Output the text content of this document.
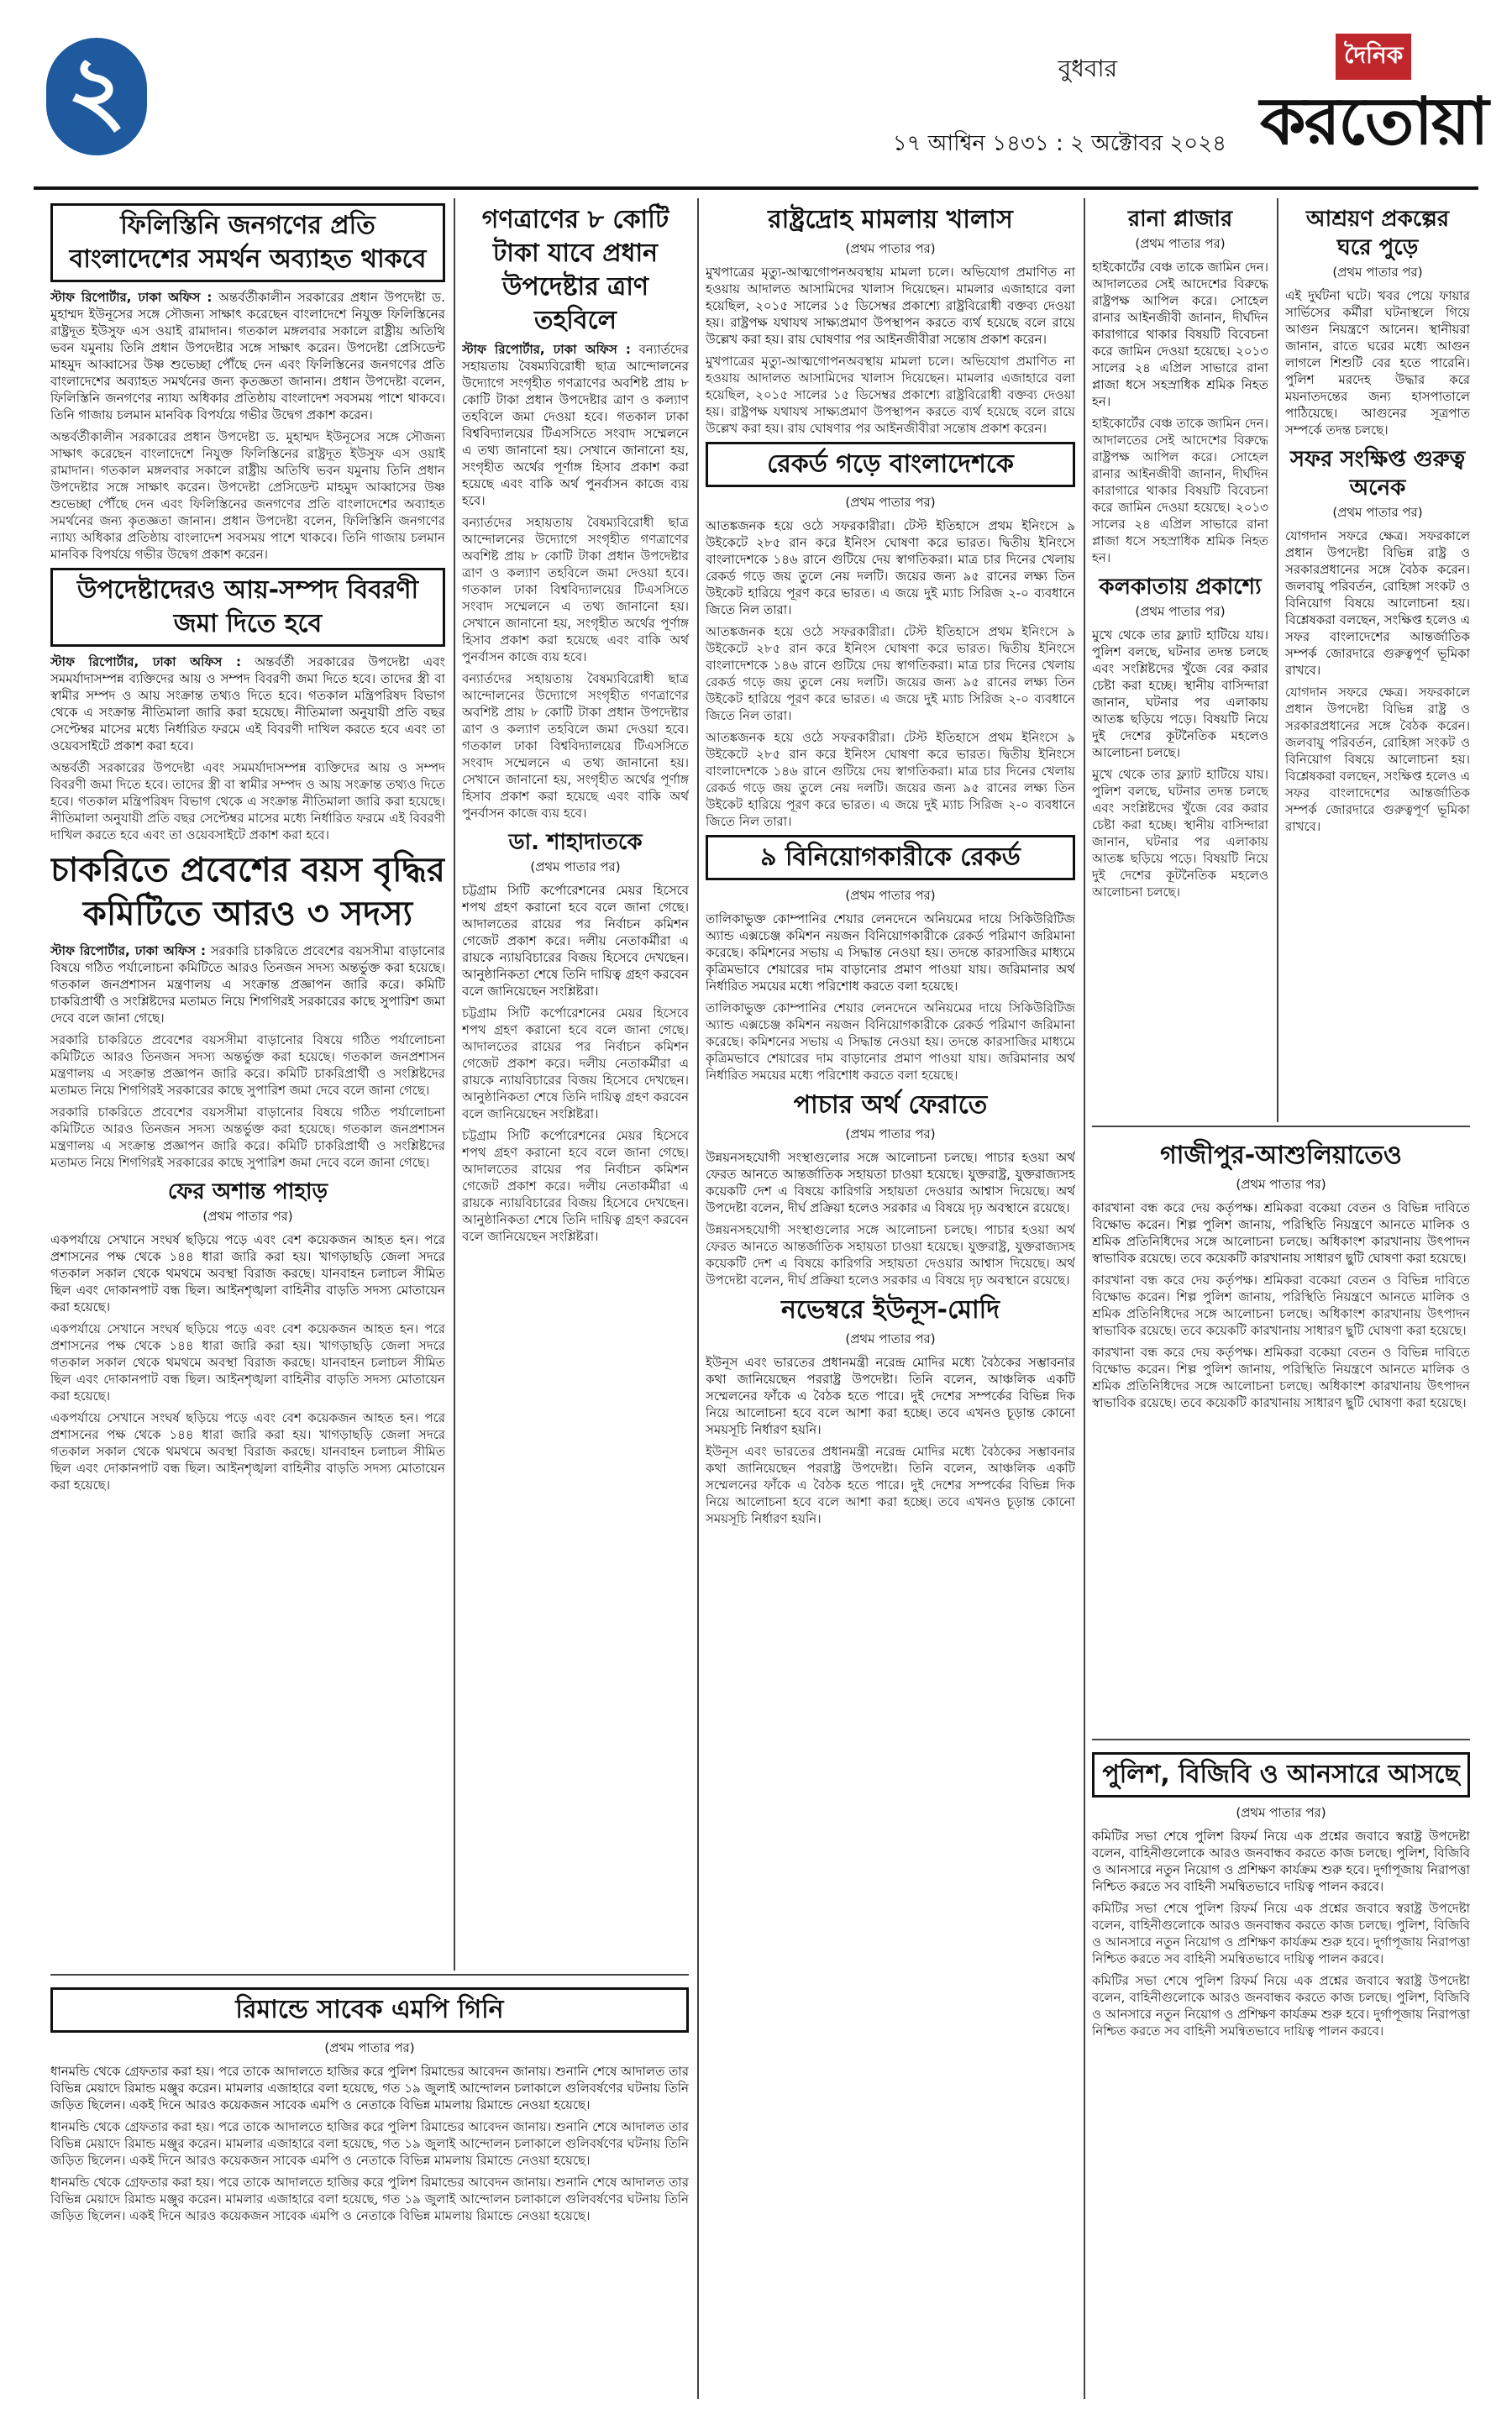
২	বুধবার
১৭ আশ্বিন ১৪৩১ : ২ অক্টোবর ২০২৪
দৈনিক
করতোয়া
ফিলিস্তিনি জনগণের প্রতি বাংলাদেশের সমর্থন অব্যাহত থাকবে

স্টাফ রিপোর্টার, ঢাকা অফিস : অন্তর্বর্তীকালীন সরকারের প্রধান উপদেষ্টা ড. মুহাম্মদ ইউনূসের সঙ্গে সৌজন্য সাক্ষাৎ করেছেন বাংলাদেশে নিযুক্ত ফিলিস্তিনের রাষ্ট্রদূত ইউসুফ এস ওয়াই রামাদান। গতকাল মঙ্গলবার সকালে রাষ্ট্রীয় অতিথি ভবন যমুনায় তিনি প্রধান উপদেষ্টার সঙ্গে সাক্ষাৎ করেন। উপদেষ্টা প্রেসিডেন্ট মাহমুদ আব্বাসের উষ্ণ শুভেচ্ছা পৌঁছে দেন এবং ফিলিস্তিনের জনগণের প্রতি বাংলাদেশের অব্যাহত সমর্থনের জন্য কৃতজ্ঞতা জানান। প্রধান উপদেষ্টা বলেন, ফিলিস্তিনি জনগণের ন্যায্য অধিকার প্রতিষ্ঠায় বাংলাদেশ সবসময় পাশে থাকবে। তিনি গাজায় চলমান মানবিক বিপর্যয়ে গভীর উদ্বেগ প্রকাশ করেন।

অন্তর্বর্তীকালীন সরকারের প্রধান উপদেষ্টা ড. মুহাম্মদ ইউনূসের সঙ্গে সৌজন্য সাক্ষাৎ করেছেন বাংলাদেশে নিযুক্ত ফিলিস্তিনের রাষ্ট্রদূত ইউসুফ এস ওয়াই রামাদান। গতকাল মঙ্গলবার সকালে রাষ্ট্রীয় অতিথি ভবন যমুনায় তিনি প্রধান উপদেষ্টার সঙ্গে সাক্ষাৎ করেন। উপদেষ্টা প্রেসিডেন্ট মাহমুদ আব্বাসের উষ্ণ শুভেচ্ছা পৌঁছে দেন এবং ফিলিস্তিনের জনগণের প্রতি বাংলাদেশের অব্যাহত সমর্থনের জন্য কৃতজ্ঞতা জানান। প্রধান উপদেষ্টা বলেন, ফিলিস্তিনি জনগণের ন্যায্য অধিকার প্রতিষ্ঠায় বাংলাদেশ সবসময় পাশে থাকবে। তিনি গাজায় চলমান মানবিক বিপর্যয়ে গভীর উদ্বেগ প্রকাশ করেন।

উপদেষ্টাদেরও আয়-সম্পদ বিবরণী জমা দিতে হবে

স্টাফ রিপোর্টার, ঢাকা অফিস : অন্তর্বর্তী সরকারের উপদেষ্টা এবং সমমর্যাদাসম্পন্ন ব্যক্তিদের আয় ও সম্পদ বিবরণী জমা দিতে হবে। তাদের স্ত্রী বা স্বামীর সম্পদ ও আয় সংক্রান্ত তথ্যও দিতে হবে। গতকাল মন্ত্রিপরিষদ বিভাগ থেকে এ সংক্রান্ত নীতিমালা জারি করা হয়েছে। নীতিমালা অনুযায়ী প্রতি বছর সেপ্টেম্বর মাসের মধ্যে নির্ধারিত ফরমে এই বিবরণী দাখিল করতে হবে এবং তা ওয়েবসাইটে প্রকাশ করা হবে।

অন্তর্বর্তী সরকারের উপদেষ্টা এবং সমমর্যাদাসম্পন্ন ব্যক্তিদের আয় ও সম্পদ বিবরণী জমা দিতে হবে। তাদের স্ত্রী বা স্বামীর সম্পদ ও আয় সংক্রান্ত তথ্যও দিতে হবে। গতকাল মন্ত্রিপরিষদ বিভাগ থেকে এ সংক্রান্ত নীতিমালা জারি করা হয়েছে। নীতিমালা অনুযায়ী প্রতি বছর সেপ্টেম্বর মাসের মধ্যে নির্ধারিত ফরমে এই বিবরণী দাখিল করতে হবে এবং তা ওয়েবসাইটে প্রকাশ করা হবে।

চাকরিতে প্রবেশের বয়স বৃদ্ধির কমিটিতে আরও ৩ সদস্য

স্টাফ রিপোর্টার, ঢাকা অফিস : সরকারি চাকরিতে প্রবেশের বয়সসীমা বাড়ানোর বিষয়ে গঠিত পর্যালোচনা কমিটিতে আরও তিনজন সদস্য অন্তর্ভুক্ত করা হয়েছে। গতকাল জনপ্রশাসন মন্ত্রণালয় এ সংক্রান্ত প্রজ্ঞাপন জারি করে। কমিটি চাকরিপ্রার্থী ও সংশ্লিষ্টদের মতামত নিয়ে শিগগিরই সরকারের কাছে সুপারিশ জমা দেবে বলে জানা গেছে।

সরকারি চাকরিতে প্রবেশের বয়সসীমা বাড়ানোর বিষয়ে গঠিত পর্যালোচনা কমিটিতে আরও তিনজন সদস্য অন্তর্ভুক্ত করা হয়েছে। গতকাল জনপ্রশাসন মন্ত্রণালয় এ সংক্রান্ত প্রজ্ঞাপন জারি করে। কমিটি চাকরিপ্রার্থী ও সংশ্লিষ্টদের মতামত নিয়ে শিগগিরই সরকারের কাছে সুপারিশ জমা দেবে বলে জানা গেছে।

সরকারি চাকরিতে প্রবেশের বয়সসীমা বাড়ানোর বিষয়ে গঠিত পর্যালোচনা কমিটিতে আরও তিনজন সদস্য অন্তর্ভুক্ত করা হয়েছে। গতকাল জনপ্রশাসন মন্ত্রণালয় এ সংক্রান্ত প্রজ্ঞাপন জারি করে। কমিটি চাকরিপ্রার্থী ও সংশ্লিষ্টদের মতামত নিয়ে শিগগিরই সরকারের কাছে সুপারিশ জমা দেবে বলে জানা গেছে।

ফের অশান্ত পাহাড়
(প্রথম পাতার পর)

একপর্যায়ে সেখানে সংঘর্ষ ছড়িয়ে পড়ে এবং বেশ কয়েকজন আহত হন। পরে প্রশাসনের পক্ষ থেকে ১৪৪ ধারা জারি করা হয়। খাগড়াছড়ি জেলা সদরে গতকাল সকাল থেকে থমথমে অবস্থা বিরাজ করছে। যানবাহন চলাচল সীমিত ছিল এবং দোকানপাট বন্ধ ছিল। আইনশৃঙ্খলা বাহিনীর বাড়তি সদস্য মোতায়েন করা হয়েছে।

একপর্যায়ে সেখানে সংঘর্ষ ছড়িয়ে পড়ে এবং বেশ কয়েকজন আহত হন। পরে প্রশাসনের পক্ষ থেকে ১৪৪ ধারা জারি করা হয়। খাগড়াছড়ি জেলা সদরে গতকাল সকাল থেকে থমথমে অবস্থা বিরাজ করছে। যানবাহন চলাচল সীমিত ছিল এবং দোকানপাট বন্ধ ছিল। আইনশৃঙ্খলা বাহিনীর বাড়তি সদস্য মোতায়েন করা হয়েছে।

একপর্যায়ে সেখানে সংঘর্ষ ছড়িয়ে পড়ে এবং বেশ কয়েকজন আহত হন। পরে প্রশাসনের পক্ষ থেকে ১৪৪ ধারা জারি করা হয়। খাগড়াছড়ি জেলা সদরে গতকাল সকাল থেকে থমথমে অবস্থা বিরাজ করছে। যানবাহন চলাচল সীমিত ছিল এবং দোকানপাট বন্ধ ছিল। আইনশৃঙ্খলা বাহিনীর বাড়তি সদস্য মোতায়েন করা হয়েছে।

গণত্রাণের ৮ কোটি টাকা যাবে প্রধান উপদেষ্টার ত্রাণ তহবিলে

স্টাফ রিপোর্টার, ঢাকা অফিস : বন্যার্তদের সহায়তায় বৈষম্যবিরোধী ছাত্র আন্দোলনের উদ্যোগে সংগৃহীত গণত্রাণের অবশিষ্ট প্রায় ৮ কোটি টাকা প্রধান উপদেষ্টার ত্রাণ ও কল্যাণ তহবিলে জমা দেওয়া হবে। গতকাল ঢাকা বিশ্ববিদ্যালয়ের টিএসসিতে সংবাদ সম্মেলনে এ তথ্য জানানো হয়। সেখানে জানানো হয়, সংগৃহীত অর্থের পূর্ণাঙ্গ হিসাব প্রকাশ করা হয়েছে এবং বাকি অর্থ পুনর্বাসন কাজে ব্যয় হবে।

বন্যার্তদের সহায়তায় বৈষম্যবিরোধী ছাত্র আন্দোলনের উদ্যোগে সংগৃহীত গণত্রাণের অবশিষ্ট প্রায় ৮ কোটি টাকা প্রধান উপদেষ্টার ত্রাণ ও কল্যাণ তহবিলে জমা দেওয়া হবে। গতকাল ঢাকা বিশ্ববিদ্যালয়ের টিএসসিতে সংবাদ সম্মেলনে এ তথ্য জানানো হয়। সেখানে জানানো হয়, সংগৃহীত অর্থের পূর্ণাঙ্গ হিসাব প্রকাশ করা হয়েছে এবং বাকি অর্থ পুনর্বাসন কাজে ব্যয় হবে।

বন্যার্তদের সহায়তায় বৈষম্যবিরোধী ছাত্র আন্দোলনের উদ্যোগে সংগৃহীত গণত্রাণের অবশিষ্ট প্রায় ৮ কোটি টাকা প্রধান উপদেষ্টার ত্রাণ ও কল্যাণ তহবিলে জমা দেওয়া হবে। গতকাল ঢাকা বিশ্ববিদ্যালয়ের টিএসসিতে সংবাদ সম্মেলনে এ তথ্য জানানো হয়। সেখানে জানানো হয়, সংগৃহীত অর্থের পূর্ণাঙ্গ হিসাব প্রকাশ করা হয়েছে এবং বাকি অর্থ পুনর্বাসন কাজে ব্যয় হবে।

ডা. শাহাদাতকে
(প্রথম পাতার পর)

চট্টগ্রাম সিটি কর্পোরেশনের মেয়র হিসেবে শপথ গ্রহণ করানো হবে বলে জানা গেছে। আদালতের রায়ের পর নির্বাচন কমিশন গেজেট প্রকাশ করে। দলীয় নেতাকর্মীরা এ রায়কে ন্যায়বিচারের বিজয় হিসেবে দেখছেন। আনুষ্ঠানিকতা শেষে তিনি দায়িত্ব গ্রহণ করবেন বলে জানিয়েছেন সংশ্লিষ্টরা।

চট্টগ্রাম সিটি কর্পোরেশনের মেয়র হিসেবে শপথ গ্রহণ করানো হবে বলে জানা গেছে। আদালতের রায়ের পর নির্বাচন কমিশন গেজেট প্রকাশ করে। দলীয় নেতাকর্মীরা এ রায়কে ন্যায়বিচারের বিজয় হিসেবে দেখছেন। আনুষ্ঠানিকতা শেষে তিনি দায়িত্ব গ্রহণ করবেন বলে জানিয়েছেন সংশ্লিষ্টরা।

চট্টগ্রাম সিটি কর্পোরেশনের মেয়র হিসেবে শপথ গ্রহণ করানো হবে বলে জানা গেছে। আদালতের রায়ের পর নির্বাচন কমিশন গেজেট প্রকাশ করে। দলীয় নেতাকর্মীরা এ রায়কে ন্যায়বিচারের বিজয় হিসেবে দেখছেন। আনুষ্ঠানিকতা শেষে তিনি দায়িত্ব গ্রহণ করবেন বলে জানিয়েছেন সংশ্লিষ্টরা।

রিমান্ডে সাবেক এমপি গিনি
(প্রথম পাতার পর)

ধানমন্ডি থেকে গ্রেফতার করা হয়। পরে তাকে আদালতে হাজির করে পুলিশ রিমান্ডের আবেদন জানায়। শুনানি শেষে আদালত তার বিভিন্ন মেয়াদে রিমান্ড মঞ্জুর করেন। মামলার এজাহারে বলা হয়েছে, গত ১৯ জুলাই আন্দোলন চলাকালে গুলিবর্ষণের ঘটনায় তিনি জড়িত ছিলেন। একই দিনে আরও কয়েকজন সাবেক এমপি ও নেতাকে বিভিন্ন মামলায় রিমান্ডে নেওয়া হয়েছে।

ধানমন্ডি থেকে গ্রেফতার করা হয়। পরে তাকে আদালতে হাজির করে পুলিশ রিমান্ডের আবেদন জানায়। শুনানি শেষে আদালত তার বিভিন্ন মেয়াদে রিমান্ড মঞ্জুর করেন। মামলার এজাহারে বলা হয়েছে, গত ১৯ জুলাই আন্দোলন চলাকালে গুলিবর্ষণের ঘটনায় তিনি জড়িত ছিলেন। একই দিনে আরও কয়েকজন সাবেক এমপি ও নেতাকে বিভিন্ন মামলায় রিমান্ডে নেওয়া হয়েছে।

ধানমন্ডি থেকে গ্রেফতার করা হয়। পরে তাকে আদালতে হাজির করে পুলিশ রিমান্ডের আবেদন জানায়। শুনানি শেষে আদালত তার বিভিন্ন মেয়াদে রিমান্ড মঞ্জুর করেন। মামলার এজাহারে বলা হয়েছে, গত ১৯ জুলাই আন্দোলন চলাকালে গুলিবর্ষণের ঘটনায় তিনি জড়িত ছিলেন। একই দিনে আরও কয়েকজন সাবেক এমপি ও নেতাকে বিভিন্ন মামলায় রিমান্ডে নেওয়া হয়েছে।

রাষ্ট্রদ্রোহ মামলায় খালাস
(প্রথম পাতার পর)

মুখপাত্রের মৃত্যু-আত্মগোপনঅবস্থায় মামলা চলে। অভিযোগ প্রমাণিত না হওয়ায় আদালত আসামিদের খালাস দিয়েছেন। মামলার এজাহারে বলা হয়েছিল, ২০১৫ সালের ১৫ ডিসেম্বর প্রকাশ্যে রাষ্ট্রবিরোধী বক্তব্য দেওয়া হয়। রাষ্ট্রপক্ষ যথাযথ সাক্ষ্যপ্রমাণ উপস্থাপন করতে ব্যর্থ হয়েছে বলে রায়ে উল্লেখ করা হয়। রায় ঘোষণার পর আইনজীবীরা সন্তোষ প্রকাশ করেন।

মুখপাত্রের মৃত্যু-আত্মগোপনঅবস্থায় মামলা চলে। অভিযোগ প্রমাণিত না হওয়ায় আদালত আসামিদের খালাস দিয়েছেন। মামলার এজাহারে বলা হয়েছিল, ২০১৫ সালের ১৫ ডিসেম্বর প্রকাশ্যে রাষ্ট্রবিরোধী বক্তব্য দেওয়া হয়। রাষ্ট্রপক্ষ যথাযথ সাক্ষ্যপ্রমাণ উপস্থাপন করতে ব্যর্থ হয়েছে বলে রায়ে উল্লেখ করা হয়। রায় ঘোষণার পর আইনজীবীরা সন্তোষ প্রকাশ করেন।

রেকর্ড গড়ে বাংলাদেশকে
(প্রথম পাতার পর)

আতঙ্কজনক হয়ে ওঠে সফরকারীরা। টেস্ট ইতিহাসে প্রথম ইনিংসে ৯ উইকেটে ২৮৫ রান করে ইনিংস ঘোষণা করে ভারত। দ্বিতীয় ইনিংসে বাংলাদেশকে ১৪৬ রানে গুটিয়ে দেয় স্বাগতিকরা। মাত্র চার দিনের খেলায় রেকর্ড গড়ে জয় তুলে নেয় দলটি। জয়ের জন্য ৯৫ রানের লক্ষ্য তিন উইকেট হারিয়ে পূরণ করে ভারত। এ জয়ে দুই ম্যাচ সিরিজ ২-০ ব্যবধানে জিতে নিল তারা।

আতঙ্কজনক হয়ে ওঠে সফরকারীরা। টেস্ট ইতিহাসে প্রথম ইনিংসে ৯ উইকেটে ২৮৫ রান করে ইনিংস ঘোষণা করে ভারত। দ্বিতীয় ইনিংসে বাংলাদেশকে ১৪৬ রানে গুটিয়ে দেয় স্বাগতিকরা। মাত্র চার দিনের খেলায় রেকর্ড গড়ে জয় তুলে নেয় দলটি। জয়ের জন্য ৯৫ রানের লক্ষ্য তিন উইকেট হারিয়ে পূরণ করে ভারত। এ জয়ে দুই ম্যাচ সিরিজ ২-০ ব্যবধানে জিতে নিল তারা।

আতঙ্কজনক হয়ে ওঠে সফরকারীরা। টেস্ট ইতিহাসে প্রথম ইনিংসে ৯ উইকেটে ২৮৫ রান করে ইনিংস ঘোষণা করে ভারত। দ্বিতীয় ইনিংসে বাংলাদেশকে ১৪৬ রানে গুটিয়ে দেয় স্বাগতিকরা। মাত্র চার দিনের খেলায় রেকর্ড গড়ে জয় তুলে নেয় দলটি। জয়ের জন্য ৯৫ রানের লক্ষ্য তিন উইকেট হারিয়ে পূরণ করে ভারত। এ জয়ে দুই ম্যাচ সিরিজ ২-০ ব্যবধানে জিতে নিল তারা।

৯ বিনিয়োগকারীকে রেকর্ড
(প্রথম পাতার পর)

তালিকাভুক্ত কোম্পানির শেয়ার লেনদেনে অনিয়মের দায়ে সিকিউরিটিজ অ্যান্ড এক্সচেঞ্জ কমিশন নয়জন বিনিয়োগকারীকে রেকর্ড পরিমাণ জরিমানা করেছে। কমিশনের সভায় এ সিদ্ধান্ত নেওয়া হয়। তদন্তে কারসাজির মাধ্যমে কৃত্রিমভাবে শেয়ারের দাম বাড়ানোর প্রমাণ পাওয়া যায়। জরিমানার অর্থ নির্ধারিত সময়ের মধ্যে পরিশোধ করতে বলা হয়েছে।

তালিকাভুক্ত কোম্পানির শেয়ার লেনদেনে অনিয়মের দায়ে সিকিউরিটিজ অ্যান্ড এক্সচেঞ্জ কমিশন নয়জন বিনিয়োগকারীকে রেকর্ড পরিমাণ জরিমানা করেছে। কমিশনের সভায় এ সিদ্ধান্ত নেওয়া হয়। তদন্তে কারসাজির মাধ্যমে কৃত্রিমভাবে শেয়ারের দাম বাড়ানোর প্রমাণ পাওয়া যায়। জরিমানার অর্থ নির্ধারিত সময়ের মধ্যে পরিশোধ করতে বলা হয়েছে।

পাচার অর্থ ফেরাতে
(প্রথম পাতার পর)

উন্নয়নসহযোগী সংস্থাগুলোর সঙ্গে আলোচনা চলছে। পাচার হওয়া অর্থ ফেরত আনতে আন্তর্জাতিক সহায়তা চাওয়া হয়েছে। যুক্তরাষ্ট্র, যুক্তরাজ্যসহ কয়েকটি দেশ এ বিষয়ে কারিগরি সহায়তা দেওয়ার আশ্বাস দিয়েছে। অর্থ উপদেষ্টা বলেন, দীর্ঘ প্রক্রিয়া হলেও সরকার এ বিষয়ে দৃঢ় অবস্থানে রয়েছে।

উন্নয়নসহযোগী সংস্থাগুলোর সঙ্গে আলোচনা চলছে। পাচার হওয়া অর্থ ফেরত আনতে আন্তর্জাতিক সহায়তা চাওয়া হয়েছে। যুক্তরাষ্ট্র, যুক্তরাজ্যসহ কয়েকটি দেশ এ বিষয়ে কারিগরি সহায়তা দেওয়ার আশ্বাস দিয়েছে। অর্থ উপদেষ্টা বলেন, দীর্ঘ প্রক্রিয়া হলেও সরকার এ বিষয়ে দৃঢ় অবস্থানে রয়েছে।

নভেম্বরে ইউনূস-মোদি
(প্রথম পাতার পর)

ইউনূস এবং ভারতের প্রধানমন্ত্রী নরেন্দ্র মোদির মধ্যে বৈঠকের সম্ভাবনার কথা জানিয়েছেন পররাষ্ট্র উপদেষ্টা। তিনি বলেন, আঞ্চলিক একটি সম্মেলনের ফাঁকে এ বৈঠক হতে পারে। দুই দেশের সম্পর্কের বিভিন্ন দিক নিয়ে আলোচনা হবে বলে আশা করা হচ্ছে। তবে এখনও চূড়ান্ত কোনো সময়সূচি নির্ধারণ হয়নি।

ইউনূস এবং ভারতের প্রধানমন্ত্রী নরেন্দ্র মোদির মধ্যে বৈঠকের সম্ভাবনার কথা জানিয়েছেন পররাষ্ট্র উপদেষ্টা। তিনি বলেন, আঞ্চলিক একটি সম্মেলনের ফাঁকে এ বৈঠক হতে পারে। দুই দেশের সম্পর্কের বিভিন্ন দিক নিয়ে আলোচনা হবে বলে আশা করা হচ্ছে। তবে এখনও চূড়ান্ত কোনো সময়সূচি নির্ধারণ হয়নি।

রানা প্লাজার
(প্রথম পাতার পর)

হাইকোর্টের বেঞ্চ তাকে জামিন দেন। আদালতের সেই আদেশের বিরুদ্ধে রাষ্ট্রপক্ষ আপিল করে। সোহেল রানার আইনজীবী জানান, দীর্ঘদিন কারাগারে থাকার বিষয়টি বিবেচনা করে জামিন দেওয়া হয়েছে। ২০১৩ সালের ২৪ এপ্রিল সাভারে রানা প্লাজা ধসে সহস্রাধিক শ্রমিক নিহত হন।

হাইকোর্টের বেঞ্চ তাকে জামিন দেন। আদালতের সেই আদেশের বিরুদ্ধে রাষ্ট্রপক্ষ আপিল করে। সোহেল রানার আইনজীবী জানান, দীর্ঘদিন কারাগারে থাকার বিষয়টি বিবেচনা করে জামিন দেওয়া হয়েছে। ২০১৩ সালের ২৪ এপ্রিল সাভারে রানা প্লাজা ধসে সহস্রাধিক শ্রমিক নিহত হন।

কলকাতায় প্রকাশ্যে
(প্রথম পাতার পর)

মুখে থেকে তার ফ্ল্যাট হাটিয়ে যায়। পুলিশ বলছে, ঘটনার তদন্ত চলছে এবং সংশ্লিষ্টদের খুঁজে বের করার চেষ্টা করা হচ্ছে। স্থানীয় বাসিন্দারা জানান, ঘটনার পর এলাকায় আতঙ্ক ছড়িয়ে পড়ে। বিষয়টি নিয়ে দুই দেশের কূটনৈতিক মহলেও আলোচনা চলছে।

মুখে থেকে তার ফ্ল্যাট হাটিয়ে যায়। পুলিশ বলছে, ঘটনার তদন্ত চলছে এবং সংশ্লিষ্টদের খুঁজে বের করার চেষ্টা করা হচ্ছে। স্থানীয় বাসিন্দারা জানান, ঘটনার পর এলাকায় আতঙ্ক ছড়িয়ে পড়ে। বিষয়টি নিয়ে দুই দেশের কূটনৈতিক মহলেও আলোচনা চলছে।

আশ্রয়ণ প্রকল্পের ঘরে পুড়ে
(প্রথম পাতার পর)

এই দুর্ঘটনা ঘটে। খবর পেয়ে ফায়ার সার্ভিসের কর্মীরা ঘটনাস্থলে গিয়ে আগুন নিয়ন্ত্রণে আনেন। স্থানীয়রা জানান, রাতে ঘরের মধ্যে আগুন লাগলে শিশুটি বের হতে পারেনি। পুলিশ মরদেহ উদ্ধার করে ময়নাতদন্তের জন্য হাসপাতালে পাঠিয়েছে। আগুনের সূত্রপাত সম্পর্কে তদন্ত চলছে।

সফর সংক্ষিপ্ত গুরুত্ব অনেক
(প্রথম পাতার পর)

যোগদান সফরে ক্ষেত্র। সফরকালে প্রধান উপদেষ্টা বিভিন্ন রাষ্ট্র ও সরকারপ্রধানের সঙ্গে বৈঠক করেন। জলবায়ু পরিবর্তন, রোহিঙ্গা সংকট ও বিনিয়োগ বিষয়ে আলোচনা হয়। বিশ্লেষকরা বলছেন, সংক্ষিপ্ত হলেও এ সফর বাংলাদেশের আন্তর্জাতিক সম্পর্ক জোরদারে গুরুত্বপূর্ণ ভূমিকা রাখবে।

যোগদান সফরে ক্ষেত্র। সফরকালে প্রধান উপদেষ্টা বিভিন্ন রাষ্ট্র ও সরকারপ্রধানের সঙ্গে বৈঠক করেন। জলবায়ু পরিবর্তন, রোহিঙ্গা সংকট ও বিনিয়োগ বিষয়ে আলোচনা হয়। বিশ্লেষকরা বলছেন, সংক্ষিপ্ত হলেও এ সফর বাংলাদেশের আন্তর্জাতিক সম্পর্ক জোরদারে গুরুত্বপূর্ণ ভূমিকা রাখবে।

গাজীপুর-আশুলিয়াতেও
(প্রথম পাতার পর)

কারখানা বন্ধ করে দেয় কর্তৃপক্ষ। শ্রমিকরা বকেয়া বেতন ও বিভিন্ন দাবিতে বিক্ষোভ করেন। শিল্প পুলিশ জানায়, পরিস্থিতি নিয়ন্ত্রণে আনতে মালিক ও শ্রমিক প্রতিনিধিদের সঙ্গে আলোচনা চলছে। অধিকাংশ কারখানায় উৎপাদন স্বাভাবিক রয়েছে। তবে কয়েকটি কারখানায় সাধারণ ছুটি ঘোষণা করা হয়েছে।

কারখানা বন্ধ করে দেয় কর্তৃপক্ষ। শ্রমিকরা বকেয়া বেতন ও বিভিন্ন দাবিতে বিক্ষোভ করেন। শিল্প পুলিশ জানায়, পরিস্থিতি নিয়ন্ত্রণে আনতে মালিক ও শ্রমিক প্রতিনিধিদের সঙ্গে আলোচনা চলছে। অধিকাংশ কারখানায় উৎপাদন স্বাভাবিক রয়েছে। তবে কয়েকটি কারখানায় সাধারণ ছুটি ঘোষণা করা হয়েছে।

কারখানা বন্ধ করে দেয় কর্তৃপক্ষ। শ্রমিকরা বকেয়া বেতন ও বিভিন্ন দাবিতে বিক্ষোভ করেন। শিল্প পুলিশ জানায়, পরিস্থিতি নিয়ন্ত্রণে আনতে মালিক ও শ্রমিক প্রতিনিধিদের সঙ্গে আলোচনা চলছে। অধিকাংশ কারখানায় উৎপাদন স্বাভাবিক রয়েছে। তবে কয়েকটি কারখানায় সাধারণ ছুটি ঘোষণা করা হয়েছে।

পুলিশ, বিজিবি ও আনসারে আসছে
(প্রথম পাতার পর)

কমিটির সভা শেষে পুলিশ রিফর্ম নিয়ে এক প্রশ্নের জবাবে স্বরাষ্ট্র উপদেষ্টা বলেন, বাহিনীগুলোকে আরও জনবান্ধব করতে কাজ চলছে। পুলিশ, বিজিবি ও আনসারে নতুন নিয়োগ ও প্রশিক্ষণ কার্যক্রম শুরু হবে। দুর্গাপূজায় নিরাপত্তা নিশ্চিত করতে সব বাহিনী সমন্বিতভাবে দায়িত্ব পালন করবে।

কমিটির সভা শেষে পুলিশ রিফর্ম নিয়ে এক প্রশ্নের জবাবে স্বরাষ্ট্র উপদেষ্টা বলেন, বাহিনীগুলোকে আরও জনবান্ধব করতে কাজ চলছে। পুলিশ, বিজিবি ও আনসারে নতুন নিয়োগ ও প্রশিক্ষণ কার্যক্রম শুরু হবে। দুর্গাপূজায় নিরাপত্তা নিশ্চিত করতে সব বাহিনী সমন্বিতভাবে দায়িত্ব পালন করবে।

কমিটির সভা শেষে পুলিশ রিফর্ম নিয়ে এক প্রশ্নের জবাবে স্বরাষ্ট্র উপদেষ্টা বলেন, বাহিনীগুলোকে আরও জনবান্ধব করতে কাজ চলছে। পুলিশ, বিজিবি ও আনসারে নতুন নিয়োগ ও প্রশিক্ষণ কার্যক্রম শুরু হবে। দুর্গাপূজায় নিরাপত্তা নিশ্চিত করতে সব বাহিনী সমন্বিতভাবে দায়িত্ব পালন করবে।
